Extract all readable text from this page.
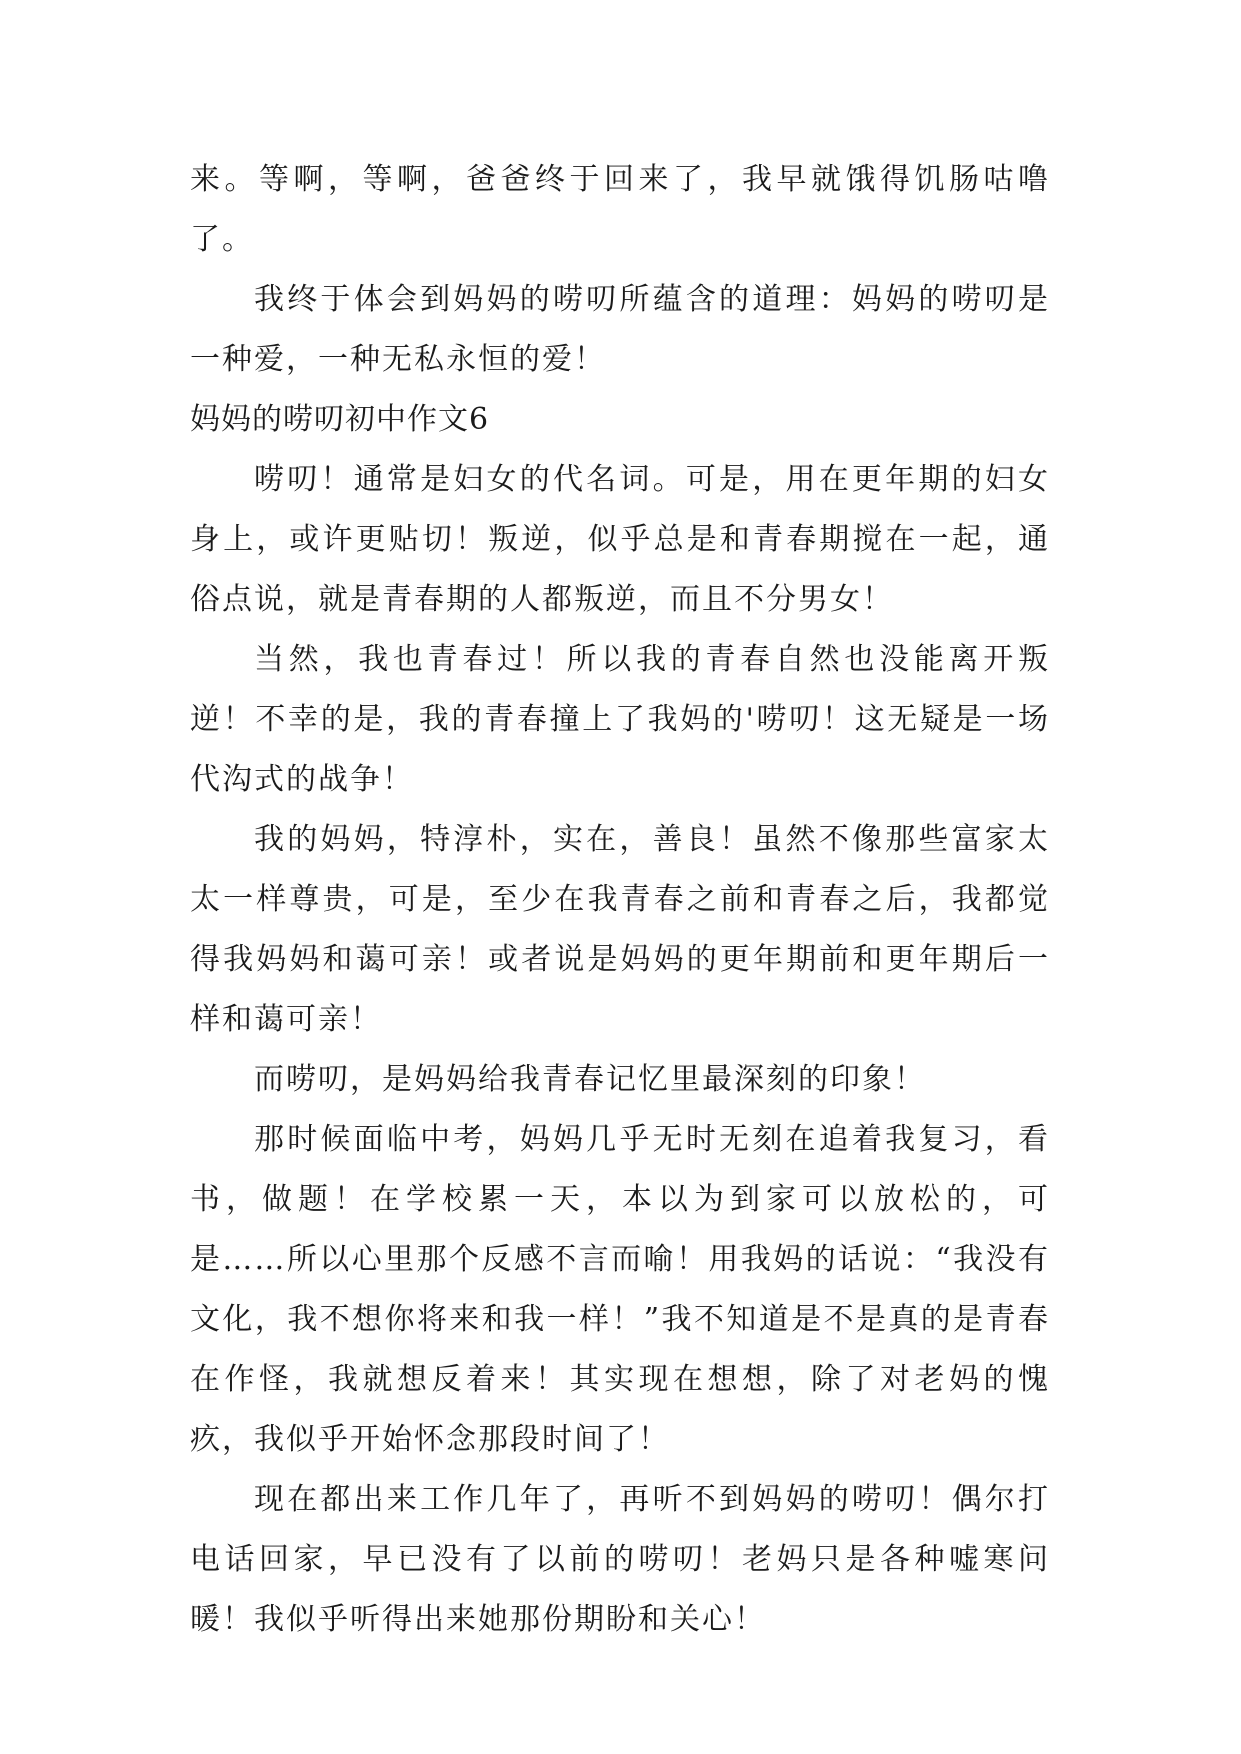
来。等啊，等啊，爸爸终于回来了，我早就饿得饥肠咕噜了。

我终于体会到妈妈的唠叨所蕴含的道理：妈妈的唠叨是一种爱，一种无私永恒的爱！

妈妈的唠叨初中作文6

唠叨！通常是妇女的代名词。可是，用在更年期的妇女身上，或许更贴切！叛逆，似乎总是和青春期搅在一起，通俗点说，就是青春期的人都叛逆，而且不分男女！

当然，我也青春过！所以我的青春自然也没能离开叛逆！不幸的是，我的青春撞上了我妈的'唠叨！这无疑是一场代沟式的战争！

我的妈妈，特淳朴，实在，善良！虽然不像那些富家太太一样尊贵，可是，至少在我青春之前和青春之后，我都觉得我妈妈和蔼可亲！或者说是妈妈的更年期前和更年期后一样和蔼可亲！

而唠叨，是妈妈给我青春记忆里最深刻的印象！

那时候面临中考，妈妈几乎无时无刻在追着我复习，看书，做题！在学校累一天，本以为到家可以放松的，可是……所以心里那个反感不言而喻！用我妈的话说：“我没有文化，我不想你将来和我一样！”我不知道是不是真的是青春在作怪，我就想反着来！其实现在想想，除了对老妈的愧疚，我似乎开始怀念那段时间了！

现在都出来工作几年了，再听不到妈妈的唠叨！偶尔打电话回家，早已没有了以前的唠叨！老妈只是各种嘘寒问暖！我似乎听得出来她那份期盼和关心！
